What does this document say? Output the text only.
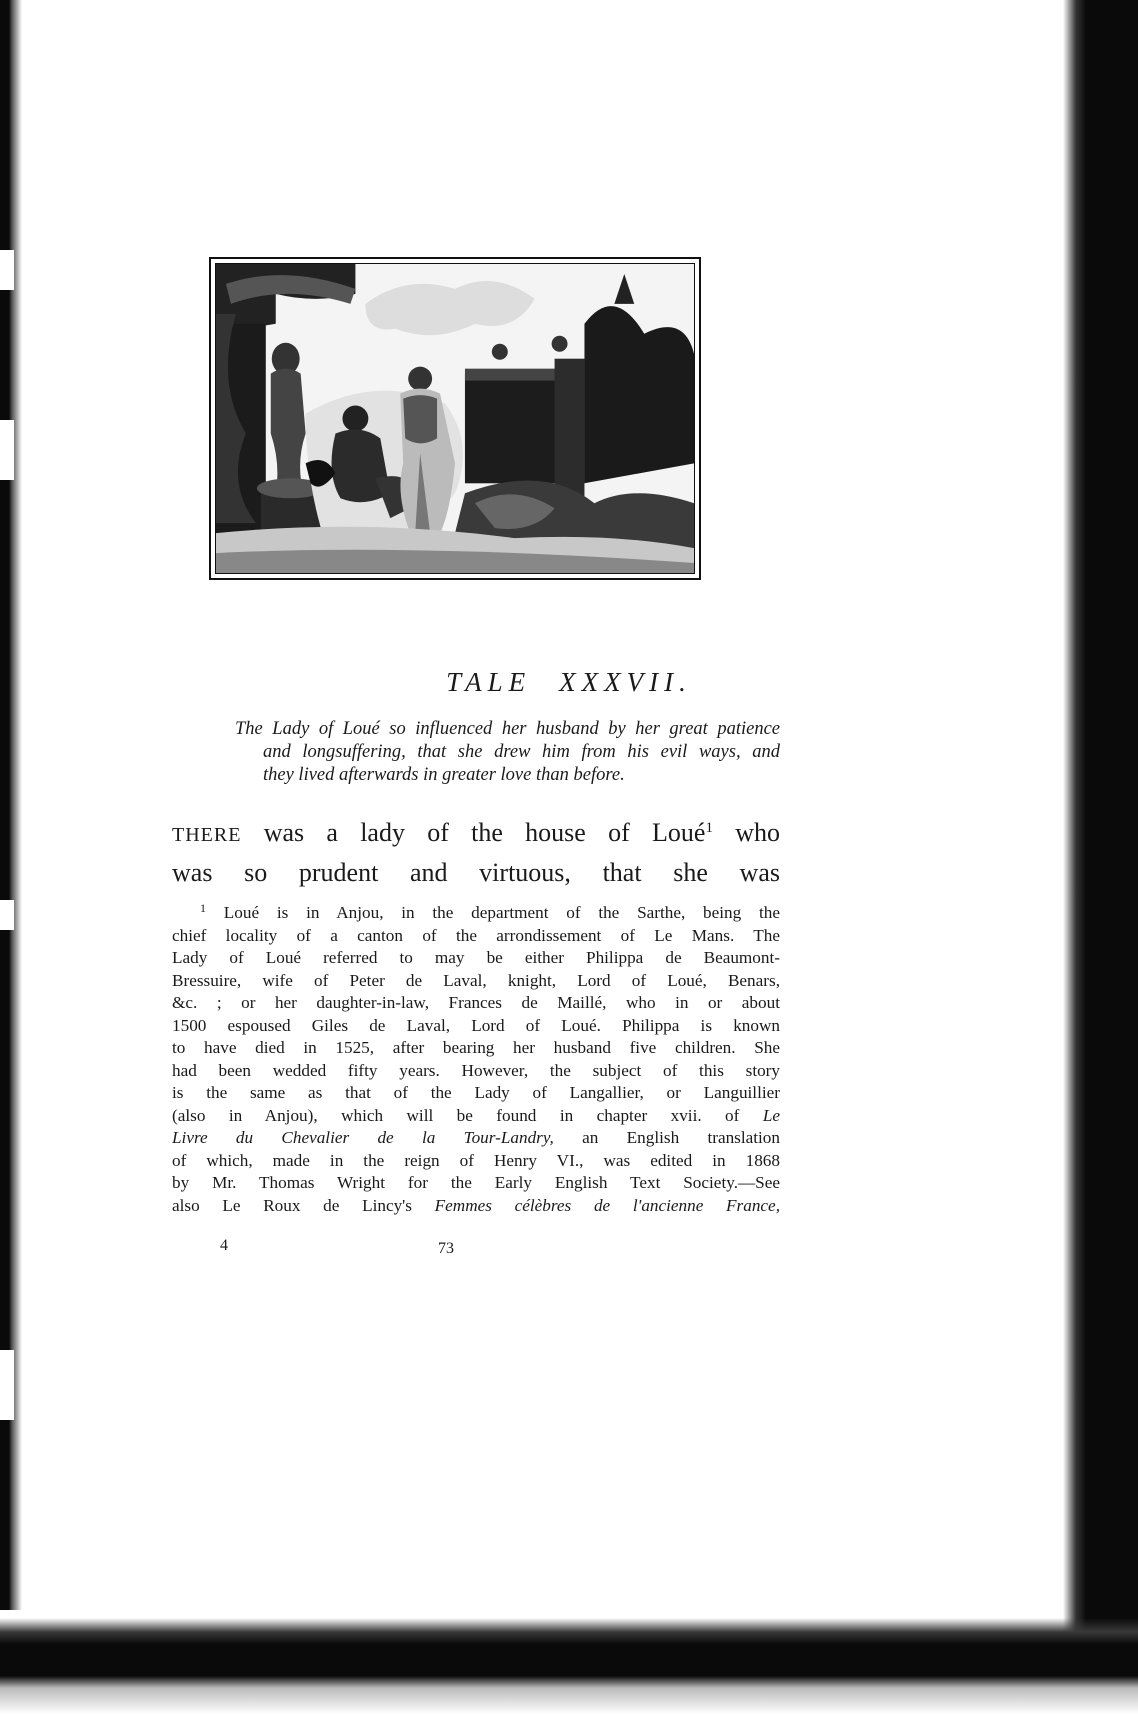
TALE XXXVII.
The Lady of Loué so influenced her husband by her great patience
and longsuffering, that she drew him from his evil ways, and
they lived afterwards in greater love than before.
THERE was a lady of the house of Loué$^1$ who
was so prudent and virtuous, that she was
$^1$ Loué is in Anjou, in the department of the Sarthe, being the
chief locality of a canton of the arrondissement of Le Mans. The
Lady of Loué referred to may be either Philippa de Beaumont-
Bressuire, wife of Peter de Laval, knight, Lord of Loué, Benars,
&c. ; or her daughter-in-law, Frances de Maillé, who in or about
1500 espoused Giles de Laval, Lord of Loué. Philippa is known
to have died in 1525, after bearing her husband five children. She
had been wedded fifty years. However, the subject of this story
is the same as that of the Lady of Langallier, or Languillier
(also in Anjou), which will be found in chapter xvii. of Le
Livre du Chevalier de la Tour-Landry, an English translation
of which, made in the reign of Henry VI., was edited in 1868
by Mr. Thomas Wright for the Early English Text Society.—See
also Le Roux de Lincy's Femmes célèbres de l'ancienne France,
4	73
